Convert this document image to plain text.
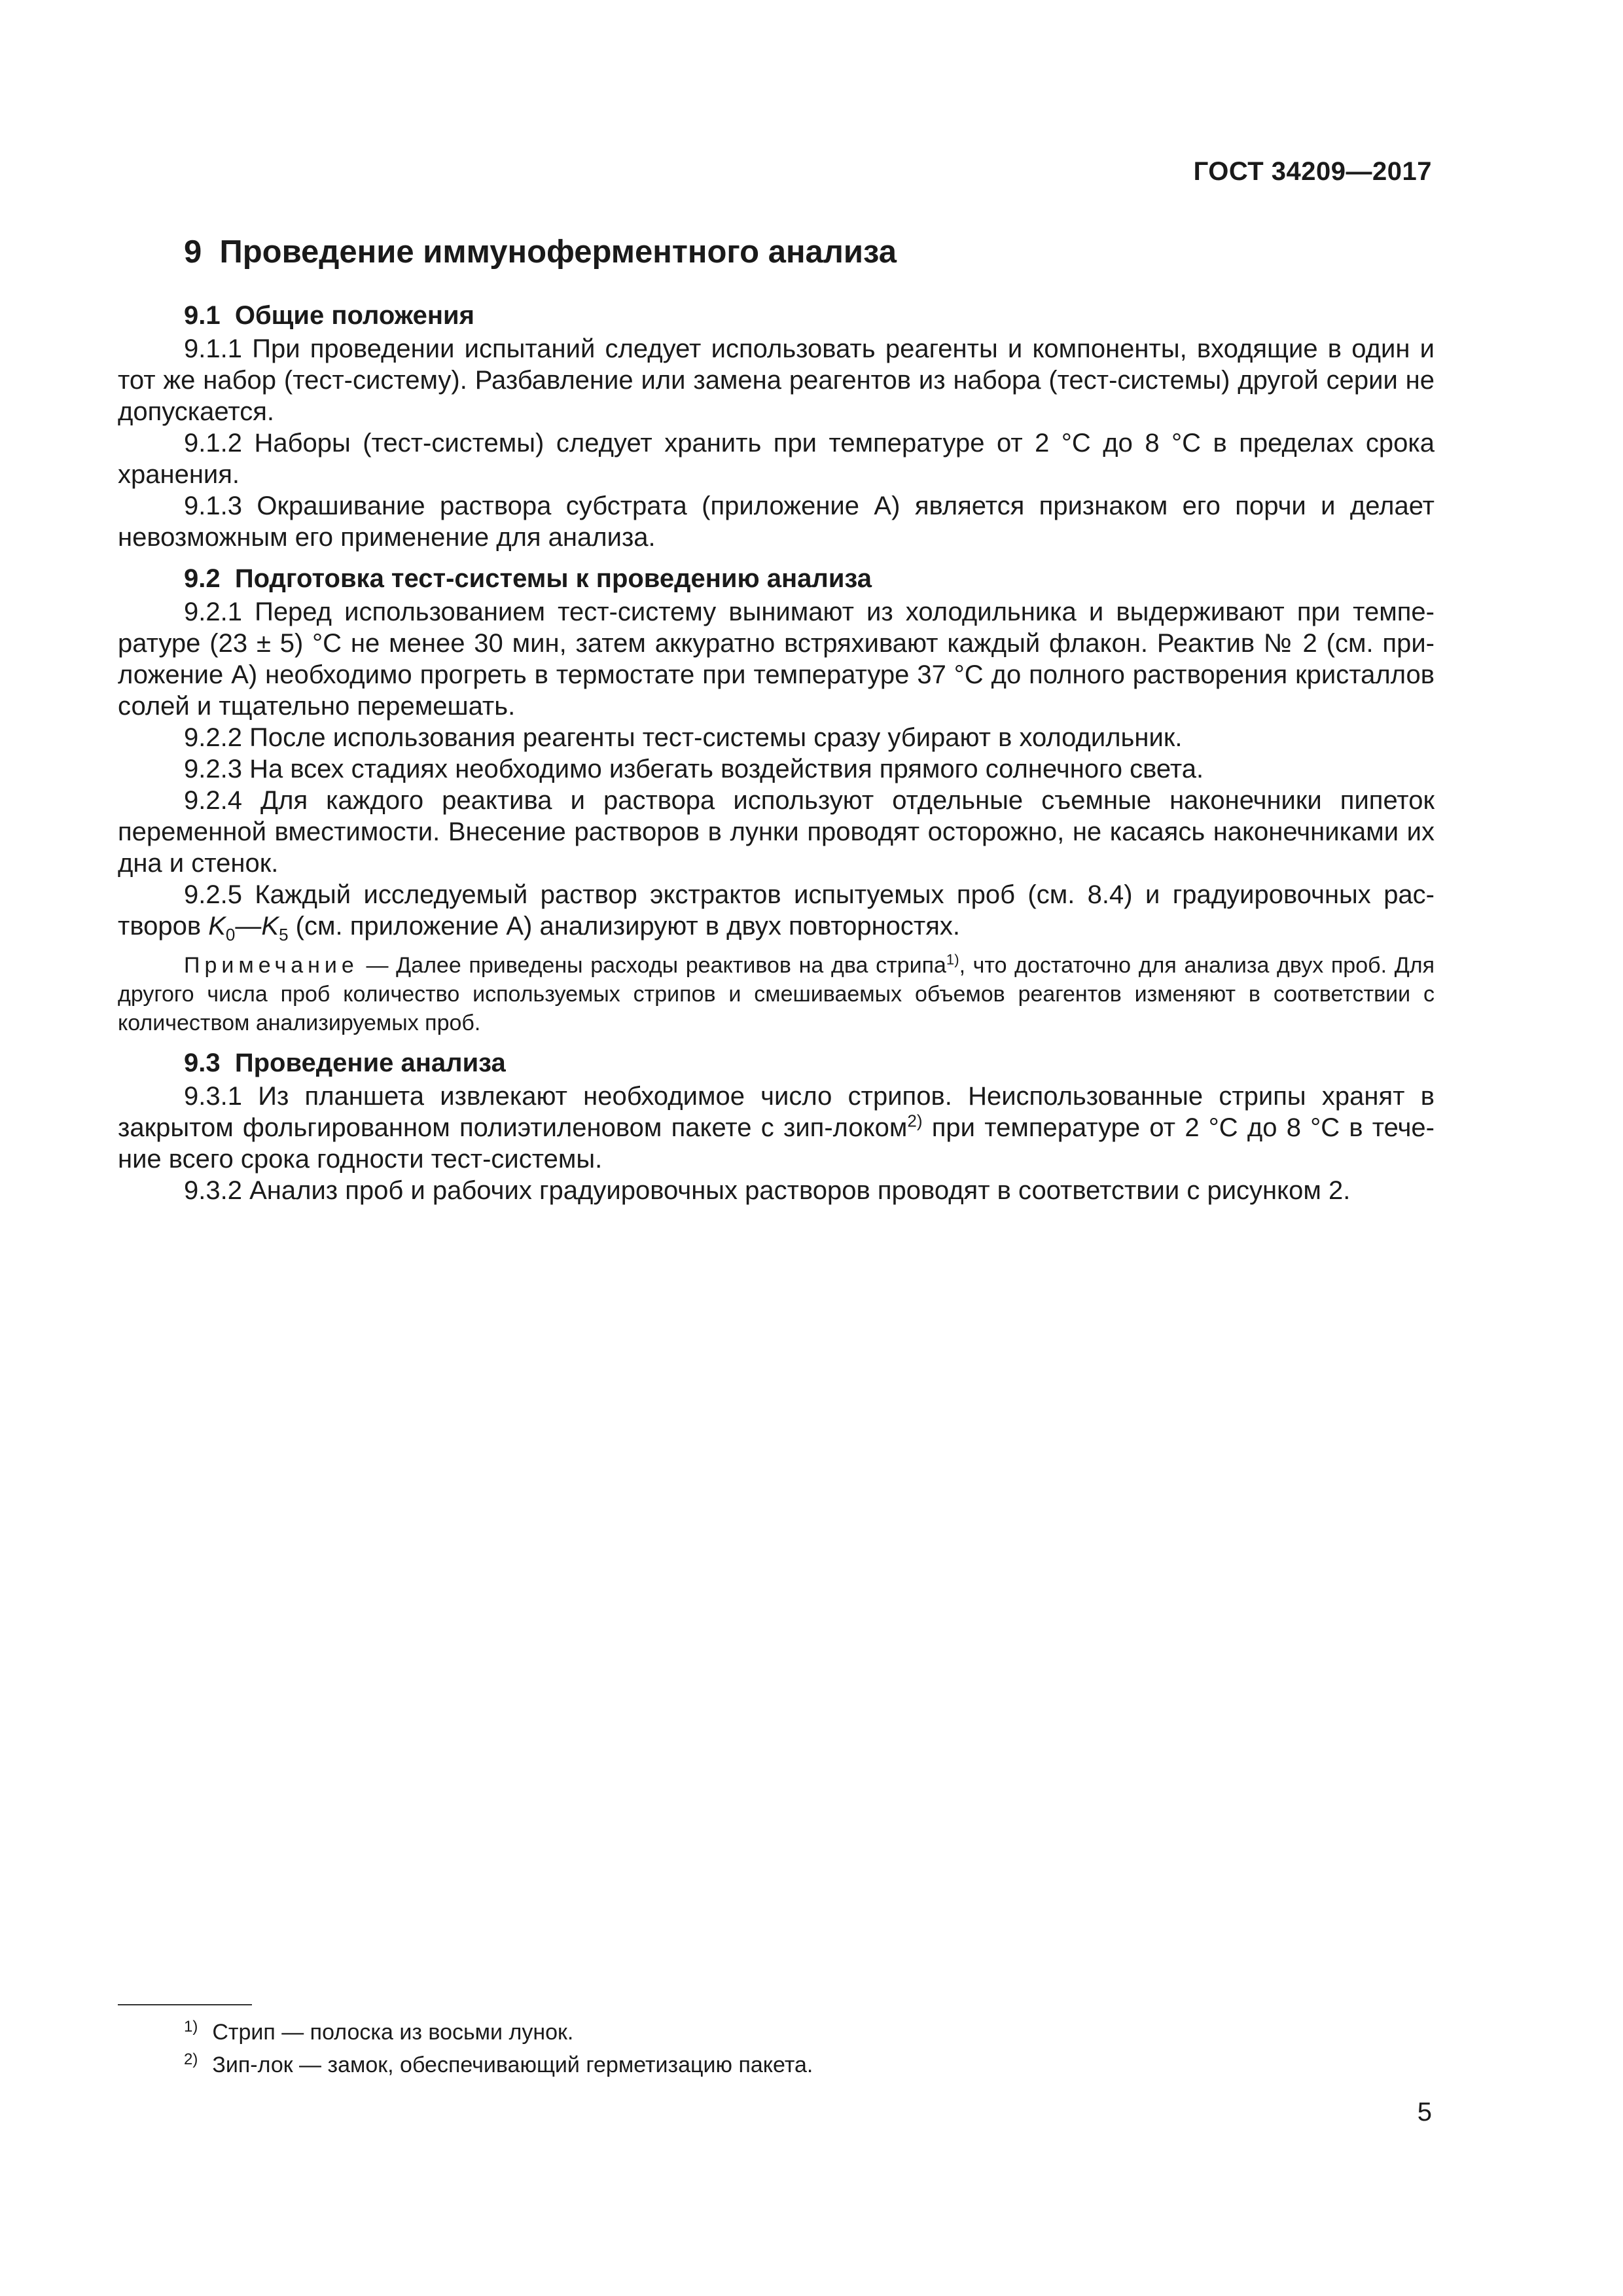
ГОСТ 34209—2017
9 Проведение иммуноферментного анализа
9.1 Общие положения

9.1.1 При проведении испытаний следует использовать реагенты и компоненты, входящие в один и тот же набор (тест-систему). Разбавление или замена реагентов из набора (тест-системы) другой серии не допускается.

9.1.2 Наборы (тест-системы) следует хранить при температуре от 2 °С до 8 °С в пределах срока хранения.

9.1.3 Окрашивание раствора субстрата (приложение А) является признаком его порчи и делает невозможным его применение для анализа.

9.2 Подготовка тест-системы к проведению анализа

9.2.1 Перед использованием тест-систему вынимают из холодильника и выдерживают при темпе- ратуре (23 ± 5) °С не менее 30 мин, затем аккуратно встряхивают каждый флакон. Реактив № 2 (см. при- ложение А) необходимо прогреть в термостате при температуре 37 °С до полного растворения кристаллов солей и тщательно перемешать.

9.2.2 После использования реагенты тест-системы сразу убирают в холодильник.

9.2.3 На всех стадиях необходимо избегать воздействия прямого солнечного света.

9.2.4 Для каждого реактива и раствора используют отдельные съемные наконечники пипеток переменной вместимости. Внесение растворов в лунки проводят осторожно, не касаясь наконечниками их дна и стенок.

9.2.5 Каждый исследуемый раствор экстрактов испытуемых проб (см. 8.4) и градуировочных рас- творов $K_0—K_5$ (см. приложение А) анализируют в двух повторностях.

Примечание — Далее приведены расходы реактивов на два стрипа$^{1)}$, что достаточно для анализа двух проб. Для другого числа проб количество используемых стрипов и смешиваемых объемов реагентов изменяют в соответствии с количеством анализируемых проб.

9.3 Проведение анализа

9.3.1 Из планшета извлекают необходимое число стрипов. Неиспользованные стрипы хранят в закрытом фольгированном полиэтиленовом пакете с зип-локом$^{2)}$ при температуре от 2 °С до 8 °С в тече- ние всего срока годности тест-системы.

9.3.2 Анализ проб и рабочих градуировочных растворов проводят в соответствии с рисунком 2.

$^{1)}$ Стрип — полоска из восьми лунок.

$^{2)}$ Зип-лок — замок, обеспечивающий герметизацию пакета.

5
